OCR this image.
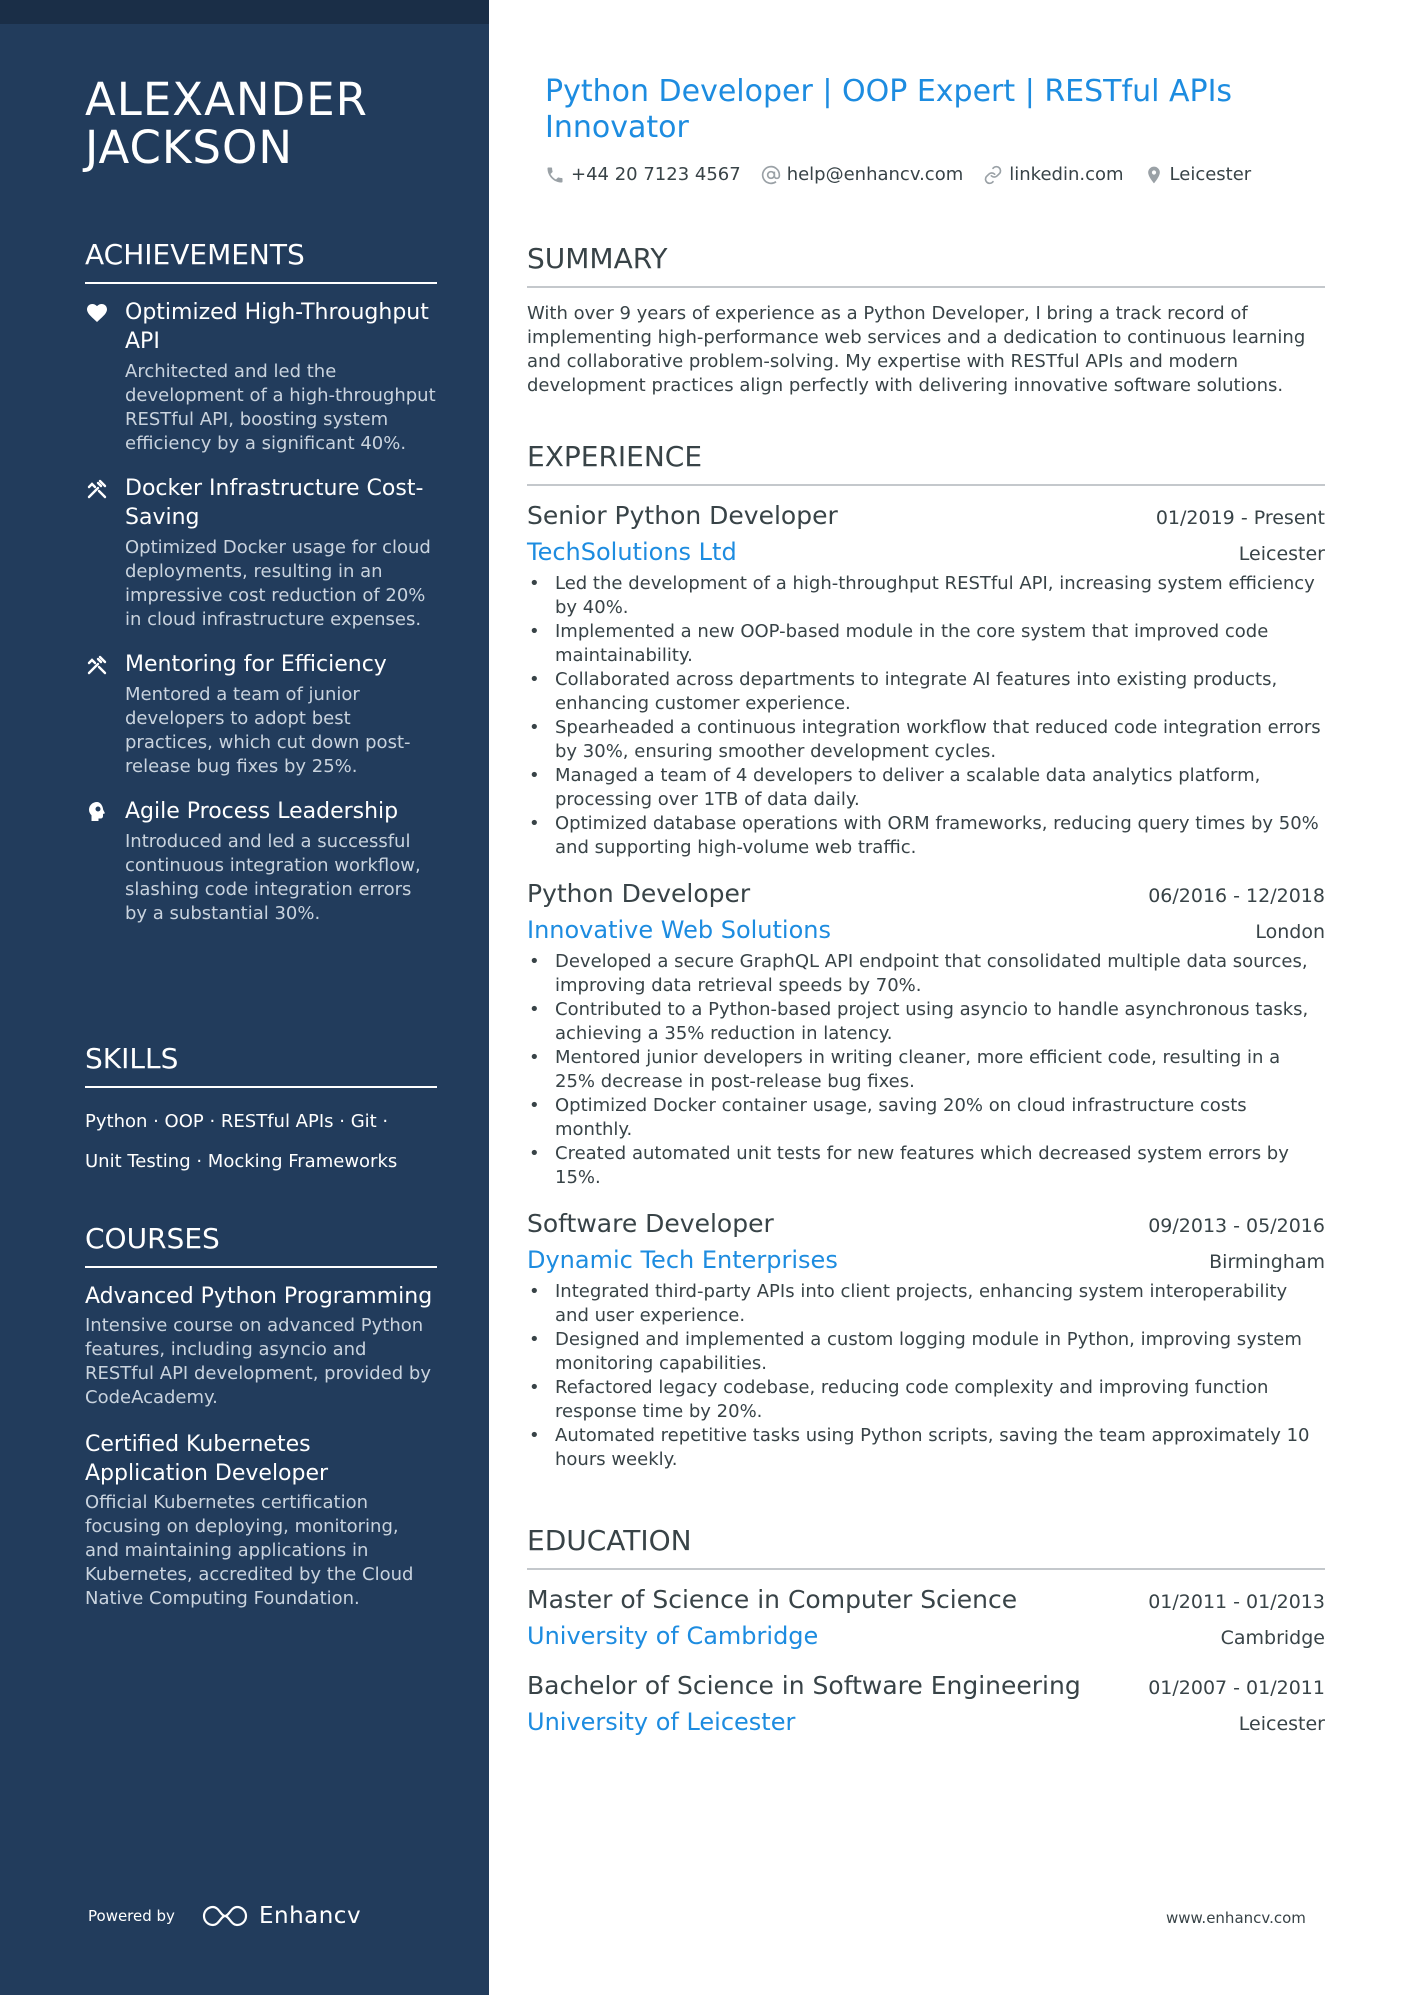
ALEXANDER JACKSON
ACHIEVEMENTS
Optimized High-Throughput API
Architected and led the development of a high-throughput RESTful API, boosting system efficiency by a significant 40%.
Docker Infrastructure Cost-Saving
Optimized Docker usage for cloud deployments, resulting in an impressive cost reduction of 20% in cloud infrastructure expenses.
Mentoring for Efficiency
Mentored a team of junior developers to adopt best practices, which cut down post-release bug fixes by 25%.
Agile Process Leadership
Introduced and led a successful continuous integration workflow, slashing code integration errors by a substantial 30%.
SKILLS
Python · OOP · RESTful APIs · Git ·
Unit Testing · Mocking Frameworks
COURSES
Advanced Python Programming
Intensive course on advanced Python features, including asyncio and RESTful API development, provided by CodeAcademy.
Certified Kubernetes Application Developer
Official Kubernetes certification focusing on deploying, monitoring, and maintaining applications in Kubernetes, accredited by the Cloud Native Computing Foundation.
Powered by	Enhancv
Python Developer | OOP Expert | RESTful APIs Innovator
+44 20 7123 4567	help@enhancv.com	linkedin.com	Leicester
SUMMARY

With over 9 years of experience as a Python Developer, I bring a track record of implementing high-performance web services and a dedication to continuous learning and collaborative problem-solving. My expertise with RESTful APIs and modern development practices align perfectly with delivering innovative software solutions.

EXPERIENCE
Senior Python Developer	01/2019 - Present
TechSolutions Ltd	Leicester
• Led the development of a high-throughput RESTful API, increasing system efficiency by 40%.
• Implemented a new OOP-based module in the core system that improved code maintainability.
• Collaborated across departments to integrate AI features into existing products, enhancing customer experience.
• Spearheaded a continuous integration workflow that reduced code integration errors by 30%, ensuring smoother development cycles.
• Managed a team of 4 developers to deliver a scalable data analytics platform, processing over 1TB of data daily.
• Optimized database operations with ORM frameworks, reducing query times by 50% and supporting high-volume web traffic.
Python Developer	06/2016 - 12/2018
Innovative Web Solutions	London
• Developed a secure GraphQL API endpoint that consolidated multiple data sources, improving data retrieval speeds by 70%.
• Contributed to a Python-based project using asyncio to handle asynchronous tasks, achieving a 35% reduction in latency.
• Mentored junior developers in writing cleaner, more efficient code, resulting in a 25% decrease in post-release bug fixes.
• Optimized Docker container usage, saving 20% on cloud infrastructure costs monthly.
• Created automated unit tests for new features which decreased system errors by 15%.
Software Developer	09/2013 - 05/2016
Dynamic Tech Enterprises	Birmingham
• Integrated third-party APIs into client projects, enhancing system interoperability and user experience.
• Designed and implemented a custom logging module in Python, improving system monitoring capabilities.
• Refactored legacy codebase, reducing code complexity and improving function response time by 20%.
• Automated repetitive tasks using Python scripts, saving the team approximately 10 hours weekly.
EDUCATION
Master of Science in Computer Science	01/2011 - 01/2013
University of Cambridge	Cambridge
Bachelor of Science in Software Engineering	01/2007 - 01/2011
University of Leicester	Leicester
www.enhancv.com
